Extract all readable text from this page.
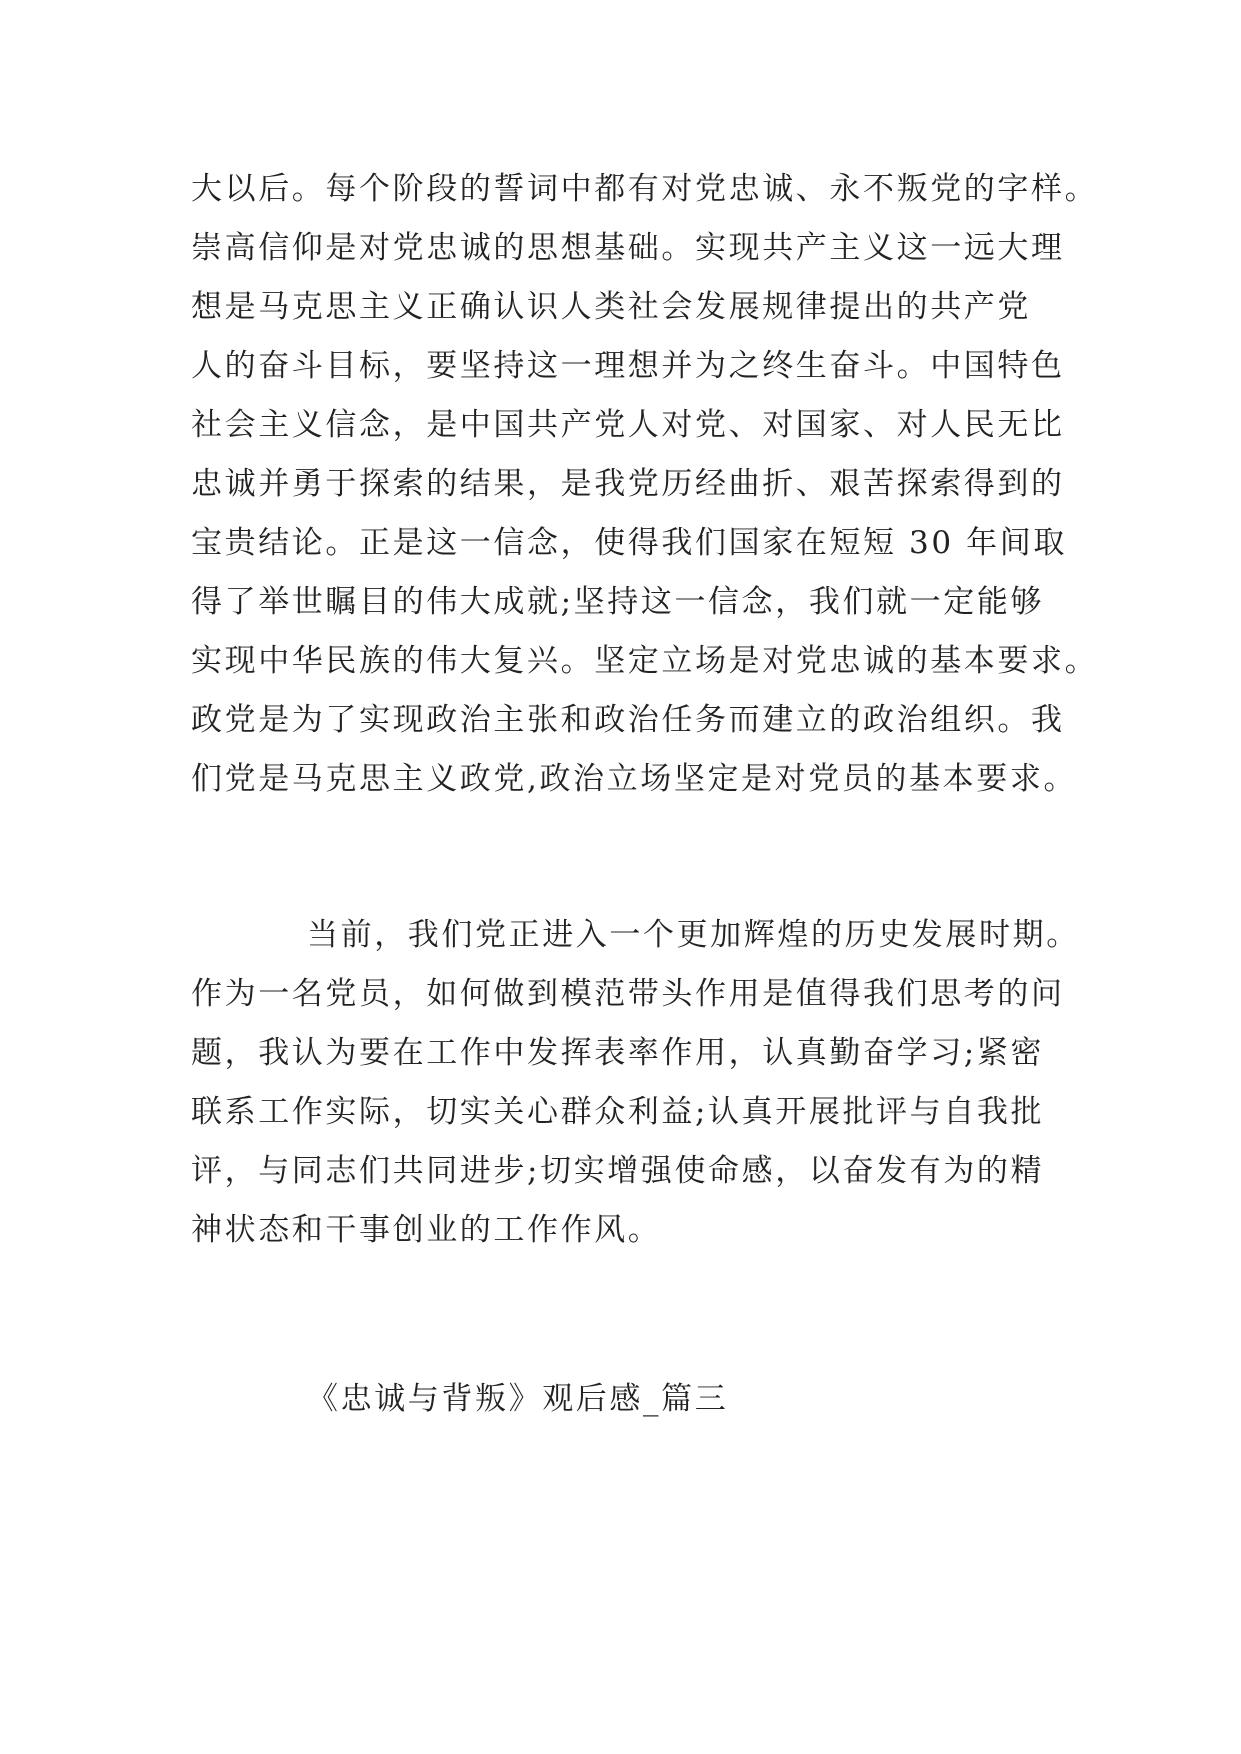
大以后。每个阶段的誓词中都有对党忠诚、永不叛党的字样。
崇高信仰是对党忠诚的思想基础。实现共产主义这一远大理
想是马克思主义正确认识人类社会发展规律提出的共产党
人的奋斗目标，要坚持这一理想并为之终生奋斗。中国特色
社会主义信念，是中国共产党人对党、对国家、对人民无比
忠诚并勇于探索的结果，是我党历经曲折、艰苦探索得到的
宝贵结论。正是这一信念，使得我们国家在短短 30 年间取
得了举世瞩目的伟大成就;坚持这一信念，我们就一定能够
实现中华民族的伟大复兴。坚定立场是对党忠诚的基本要求。
政党是为了实现政治主张和政治任务而建立的政治组织。我
们党是马克思主义政党,政治立场坚定是对党员的基本要求。

当前，我们党正进入一个更加辉煌的历史发展时期。
作为一名党员，如何做到模范带头作用是值得我们思考的问
题，我认为要在工作中发挥表率作用，认真勤奋学习;紧密
联系工作实际，切实关心群众利益;认真开展批评与自我批
评，与同志们共同进步;切实增强使命感，以奋发有为的精
神状态和干事创业的工作作风。

《忠诚与背叛》观后感_篇三
